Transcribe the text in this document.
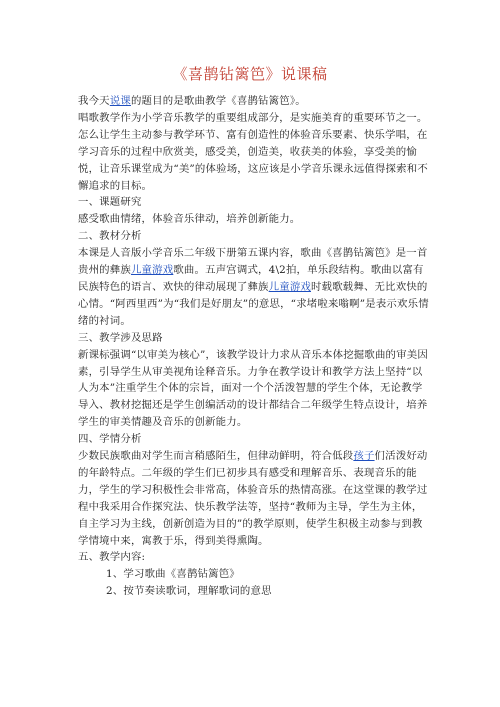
《喜鹊钻篱笆》说课稿

我今天说课的题目的是歌曲教学《喜鹊钻篱笆》。

唱歌教学作为小学音乐教学的重要组成部分，是实施美育的重要环节之一。怎么让学生主动参与教学环节、富有创造性的体验音乐要素、快乐学唱，在学习音乐的过程中欣赏美，感受美，创造美，收获美的体验，享受美的愉悦，让音乐课堂成为“美”的体验场，这应该是小学音乐课永远值得探索和不懈追求的目标。

一、课题研究

感受歌曲情绪，体验音乐律动，培养创新能力。

二、教材分析

本课是人音版小学音乐二年级下册第五课内容，歌曲《喜鹊钻篱笆》是一首贵州的彝族儿童游戏歌曲。五声宫调式，4\2拍，单乐段结构。歌曲以富有民族特色的语言、欢快的律动展现了彝族儿童游戏时载歌载舞、无比欢快的心情。“阿西里西”为“我们是好朋友”的意思，“求堵啦来嗡啊”是表示欢乐情绪的衬词。

三、教学涉及思路

新课标强调“以审美为核心”，该教学设计力求从音乐本体挖掘歌曲的审美因素，引导学生从审美视角诠释音乐。力争在教学设计和教学方法上坚持“以人为本”注重学生个体的宗旨，面对一个个活泼智慧的学生个体，无论教学导入、教材挖掘还是学生创编活动的设计都结合二年级学生特点设计，培养学生的审美情趣及音乐的创新能力。

四、学情分析

少数民族歌曲对学生而言稍感陌生，但律动鲜明，符合低段孩子们活泼好动的年龄特点。二年级的学生们已初步具有感受和理解音乐、表现音乐的能力，学生的学习积极性会非常高，体验音乐的热情高涨。在这堂课的教学过程中我采用合作探究法、快乐教学法等，坚持“教师为主导，学生为主体，自主学习为主线，创新创造为目的”的教学原则，使学生积极主动参与到教学情境中来，寓教于乐，得到美得熏陶。

五、教学内容:

1、学习歌曲《喜鹊钻篱笆》

2、按节奏读歌词，理解歌词的意思
